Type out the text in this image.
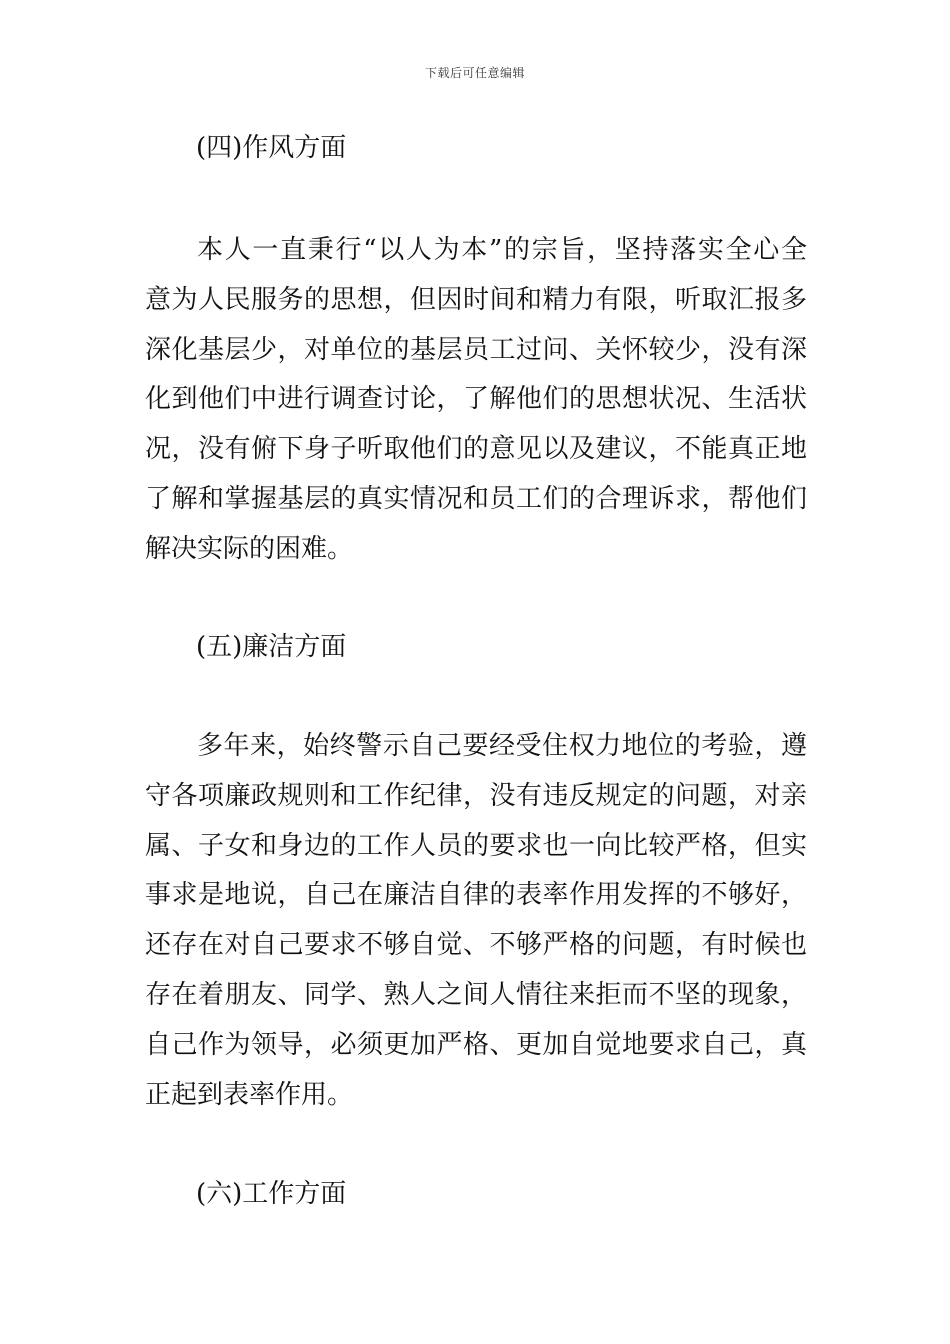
下载后可任意编辑
(四)作风方面
本人一直秉行“以人为本”的宗旨，坚持落实全心全
意为人民服务的思想，但因时间和精力有限，听取汇报多
深化基层少，对单位的基层员工过问、关怀较少，没有深
化到他们中进行调查讨论，了解他们的思想状况、生活状
况，没有俯下身子听取他们的意见以及建议，不能真正地
了解和掌握基层的真实情况和员工们的合理诉求，帮他们
解决实际的困难。
(五)廉洁方面
多年来，始终警示自己要经受住权力地位的考验，遵
守各项廉政规则和工作纪律，没有违反规定的问题，对亲
属、子女和身边的工作人员的要求也一向比较严格，但实
事求是地说，自己在廉洁自律的表率作用发挥的不够好，
还存在对自己要求不够自觉、不够严格的问题，有时候也
存在着朋友、同学、熟人之间人情往来拒而不坚的现象，
自己作为领导，必须更加严格、更加自觉地要求自己，真
正起到表率作用。
(六)工作方面
